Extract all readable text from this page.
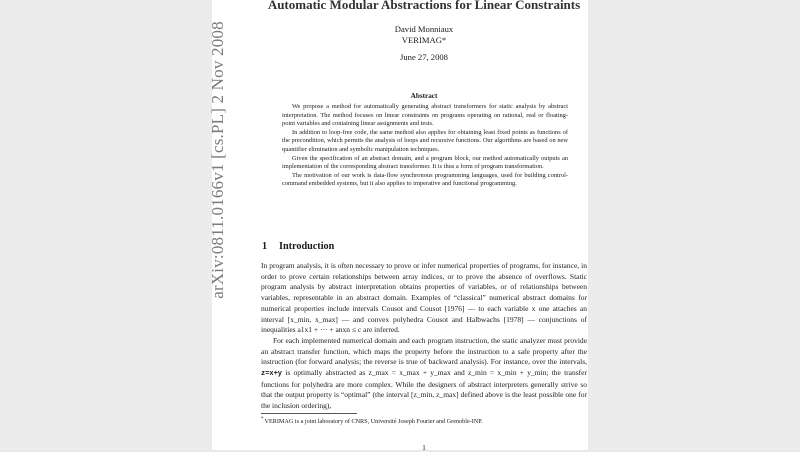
arXiv:0811.0166v1 [cs.PL] 2 Nov 2008
Automatic Modular Abstractions for Linear Constraints
David Monniaux
VERIMAG*
June 27, 2008
Abstract

We propose a method for automatically generating abstract transformers for static analysis by abstract interpretation. The method focuses on linear constraints on programs operating on rational, real or floating-point variables and containing linear assignments and tests.

In addition to loop-free code, the same method also applies for obtaining least fixed points as functions of the precondition, which permits the analysis of loops and recursive functions. Our algorithms are based on new quantifier elimination and symbolic manipulation techniques.

Given the specification of an abstract domain, and a program block, our method automatically outputs an implementation of the corresponding abstract transformer. It is thus a form of program transformation.

The motivation of our work is data-flow synchronous programming languages, used for building control-command embedded systems, but it also applies to imperative and functional programming.

1 Introduction

In program analysis, it is often necessary to prove or infer numerical properties of programs, for instance, in order to prove certain relationships between array indices, or to prove the absence of overflows. Static program analysis by abstract interpretation obtains properties of variables, or of relationships between variables, representable in an abstract domain. Examples of “classical” numerical abstract domains for numerical properties include intervals Cousot and Cousot [1976] — to each variable x one attaches an interval [x_min, x_max] — and convex polyhedra Cousot and Halbwachs [1978] — conjunctions of inequalities a1x1 + ··· + anxn ≤ c are inferred.

For each implemented numerical domain and each program instruction, the static analyzer must provide an abstract transfer function, which maps the property before the instruction to a safe property after the instruction (for forward analysis; the reverse is true of backward analysis). For instance, over the intervals, z=x+y is optimally abstracted as z_max = x_max + y_max and z_min = x_min + y_min; the transfer functions for polyhedra are more complex. While the designers of abstract interpreters generally strive so that the output property is “optimal” (the interval [z_min, z_max] defined above is the least possible one for the inclusion ordering),

* VERIMAG is a joint laboratory of CNRS, Université Joseph Fourier and Grenoble-INP.
1
